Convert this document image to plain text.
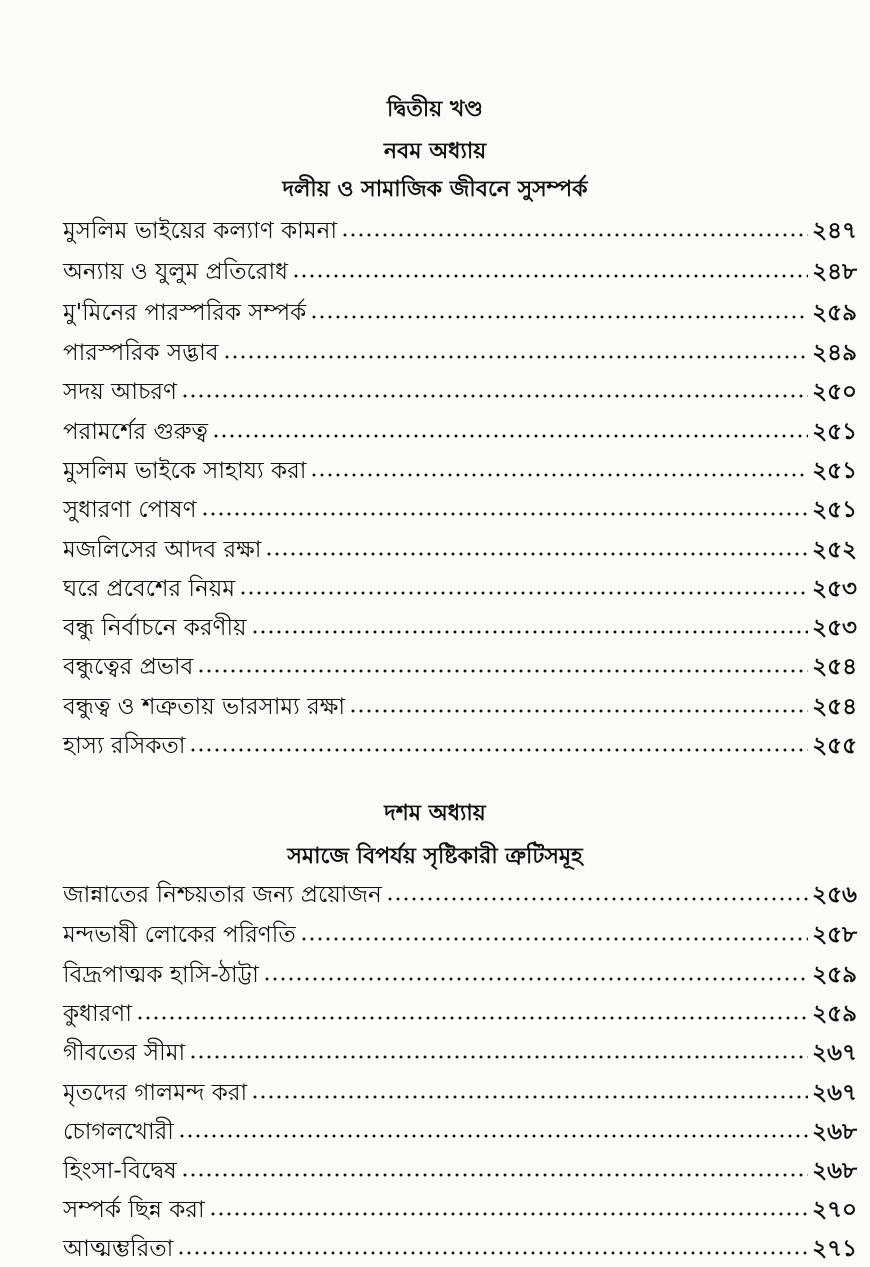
দ্বিতীয় খণ্ড
নবম অধ্যায়
দলীয় ও সামাজিক জীবনে সুসম্পর্ক
মুসলিম ভাইয়ের কল্যাণ কামনা	২৪৭
অন্যায় ও যুলুম প্রতিরোধ	২৪৮
মু'মিনের পারস্পরিক সম্পর্ক	২৫৯
পারস্পরিক সদ্ভাব	২৪৯
সদয় আচরণ	২৫০
পরামর্শের গুরুত্ব	২৫১
মুসলিম ভাইকে সাহায্য করা	২৫১
সুধারণা পোষণ	২৫১
মজলিসের আদব রক্ষা	২৫২
ঘরে প্রবেশের নিয়ম	২৫৩
বন্ধু নির্বাচনে করণীয়	২৫৩
বন্ধুত্বের প্রভাব	২৫৪
বন্ধুত্ব ও শত্রুতায় ভারসাম্য রক্ষা	২৫৪
হাস্য রসিকতা	২৫৫
দশম অধ্যায়
সমাজে বিপর্যয় সৃষ্টিকারী ত্রুটিসমূহ
জান্নাতের নিশ্চয়তার জন্য প্রয়োজন	২৫৬
মন্দভাষী লোকের পরিণতি	২৫৮
বিদ্রূপাত্মক হাসি-ঠাট্টা	২৫৯
কুধারণা	২৫৯
গীবতের সীমা	২৬৭
মৃতদের গালমন্দ করা	২৬৭
চোগলখোরী	২৬৮
হিংসা-বিদ্বেষ	২৬৮
সম্পর্ক ছিন্ন করা	২৭০
আত্মম্ভরিতা	২৭১
